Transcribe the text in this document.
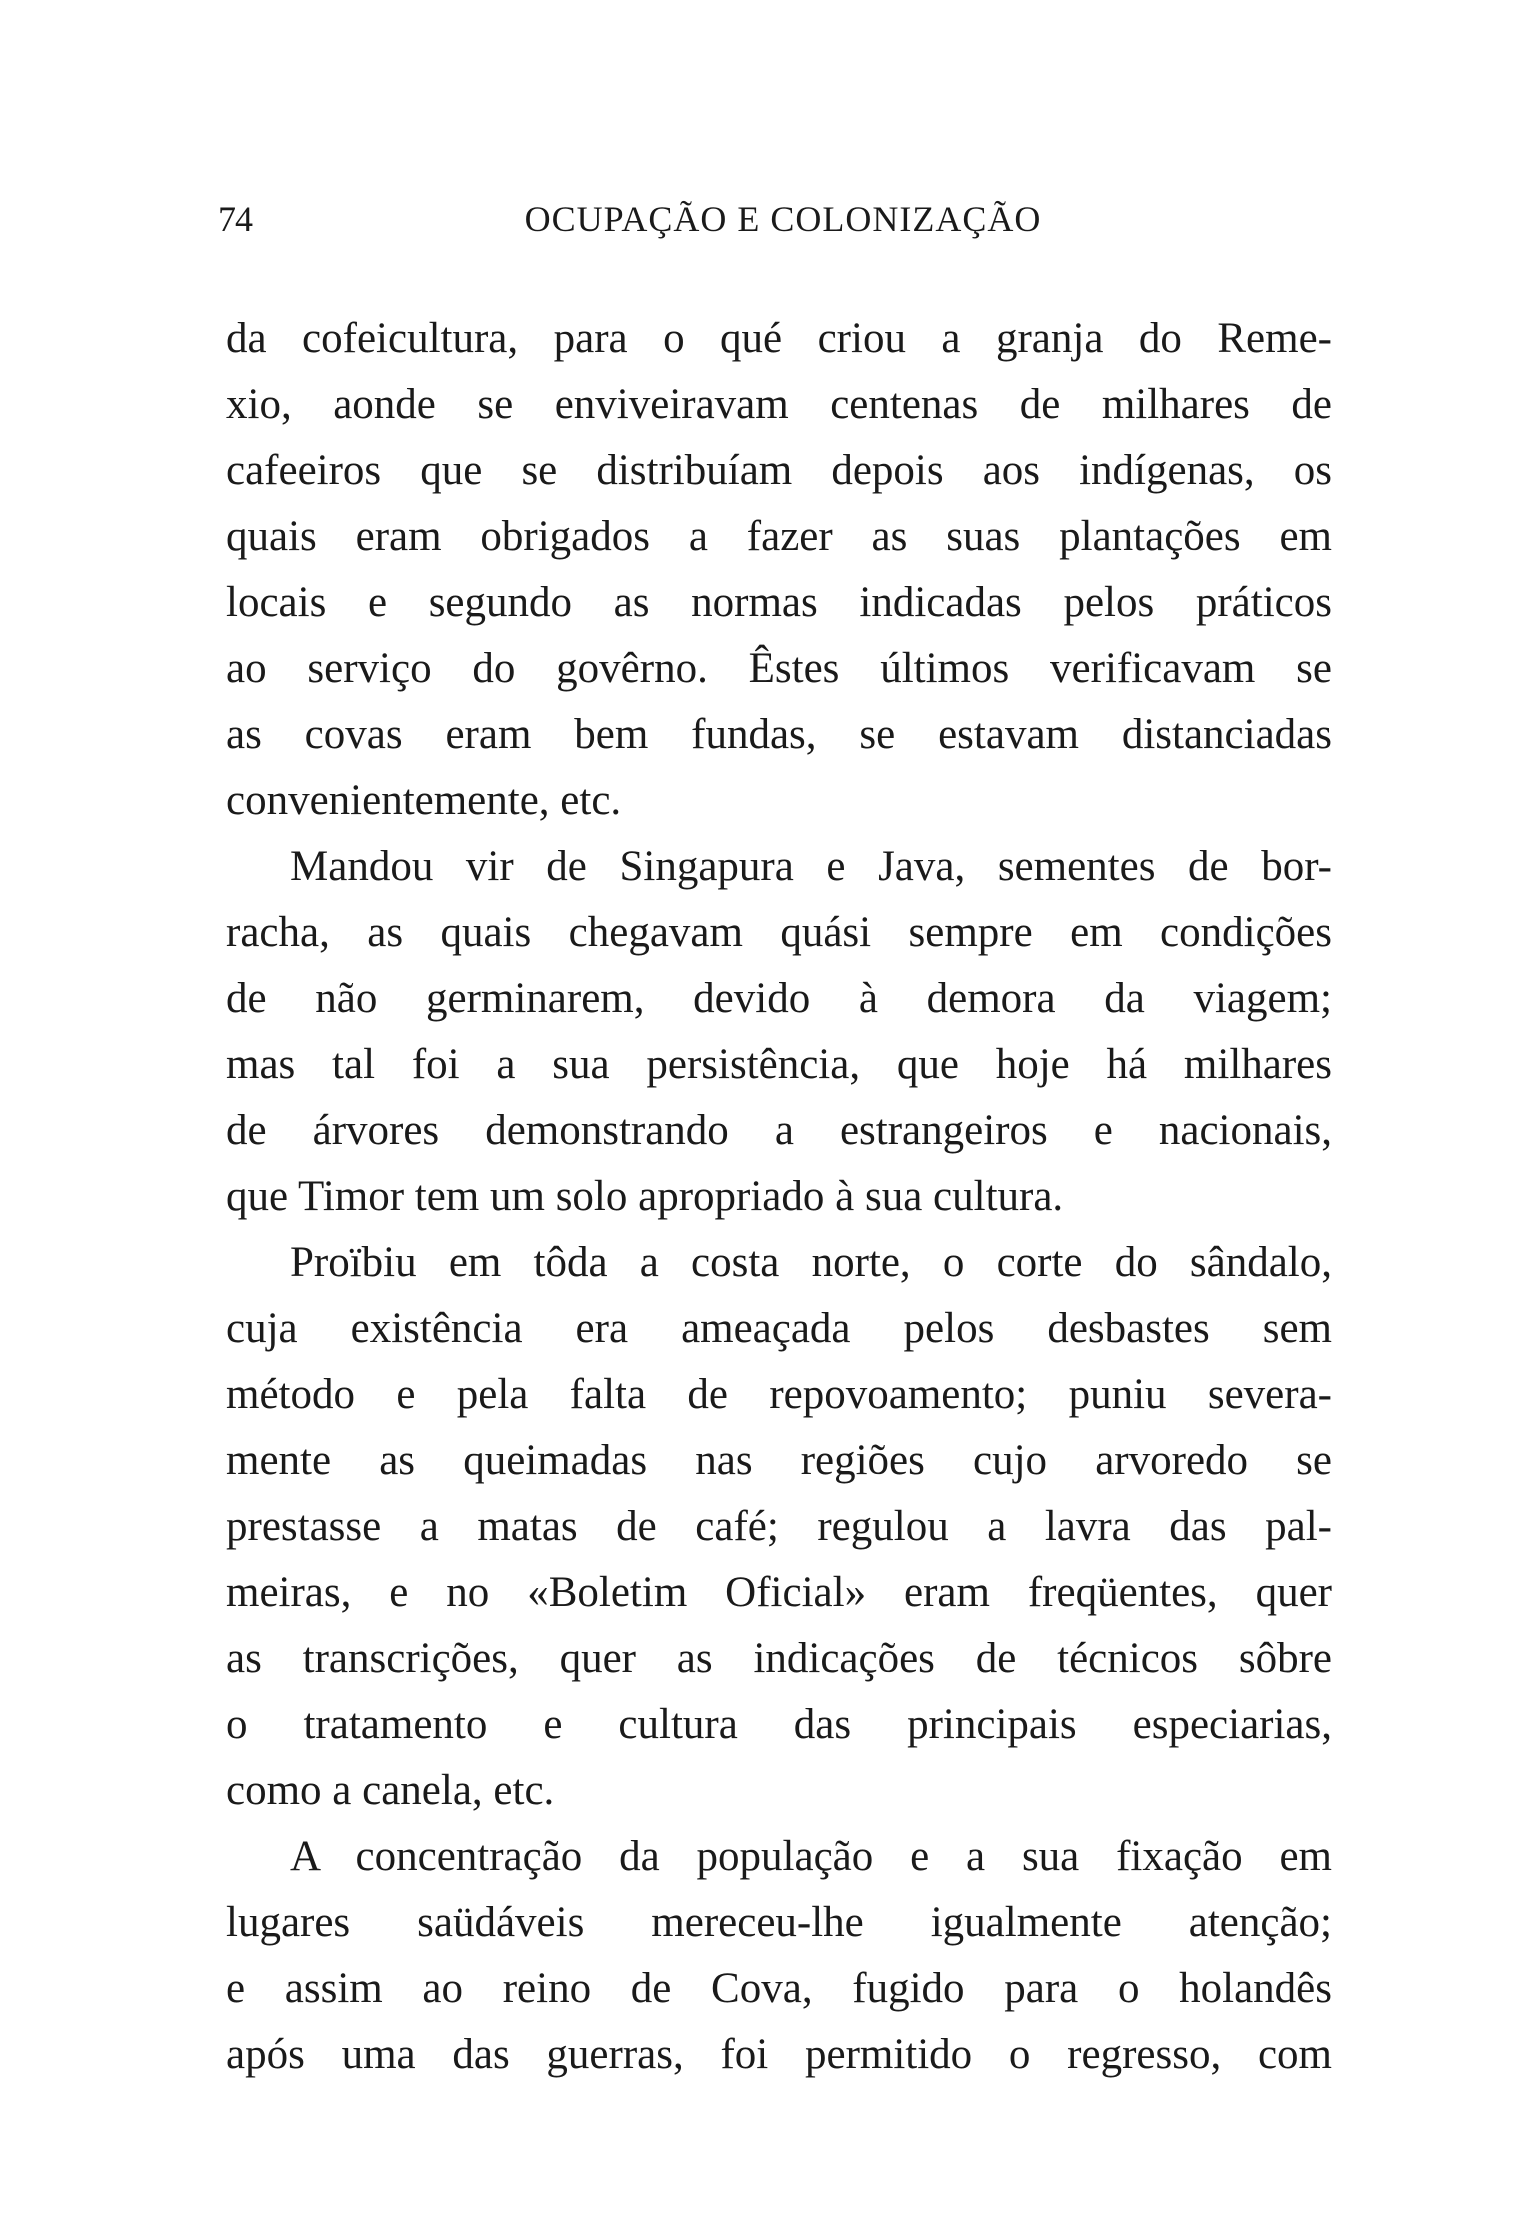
74	OCUPAÇÃO E COLONIZAÇÃO

da cofeicultura, para o qué criou a granja do Reme-
xio, aonde se enviveiravam centenas de milhares de
cafeeiros que se distribuíam depois aos indígenas, os
quais eram obrigados a fazer as suas plantações em
locais e segundo as normas indicadas pelos práticos
ao serviço do govêrno. Êstes últimos verificavam se
as covas eram bem fundas, se estavam distanciadas
convenientemente, etc.

Mandou vir de Singapura e Java, sementes de bor-
racha, as quais chegavam quási sempre em condições
de não germinarem, devido à demora da viagem;
mas tal foi a sua persistência, que hoje há milhares
de árvores demonstrando a estrangeiros e nacionais,
que Timor tem um solo apropriado à sua cultura.

Proïbiu em tôda a costa norte, o corte do sândalo,
cuja existência era ameaçada pelos desbastes sem
método e pela falta de repovoamento; puniu severa-
mente as queimadas nas regiões cujo arvoredo se
prestasse a matas de café; regulou a lavra das pal-
meiras, e no «Boletim Oficial» eram freqüentes, quer
as transcrições, quer as indicações de técnicos sôbre
o tratamento e cultura das principais especiarias,
como a canela, etc.

A concentração da população e a sua fixação em
lugares saüdáveis mereceu-lhe igualmente atenção;
e assim ao reino de Cova, fugido para o holandês
após uma das guerras, foi permitido o regresso, com
